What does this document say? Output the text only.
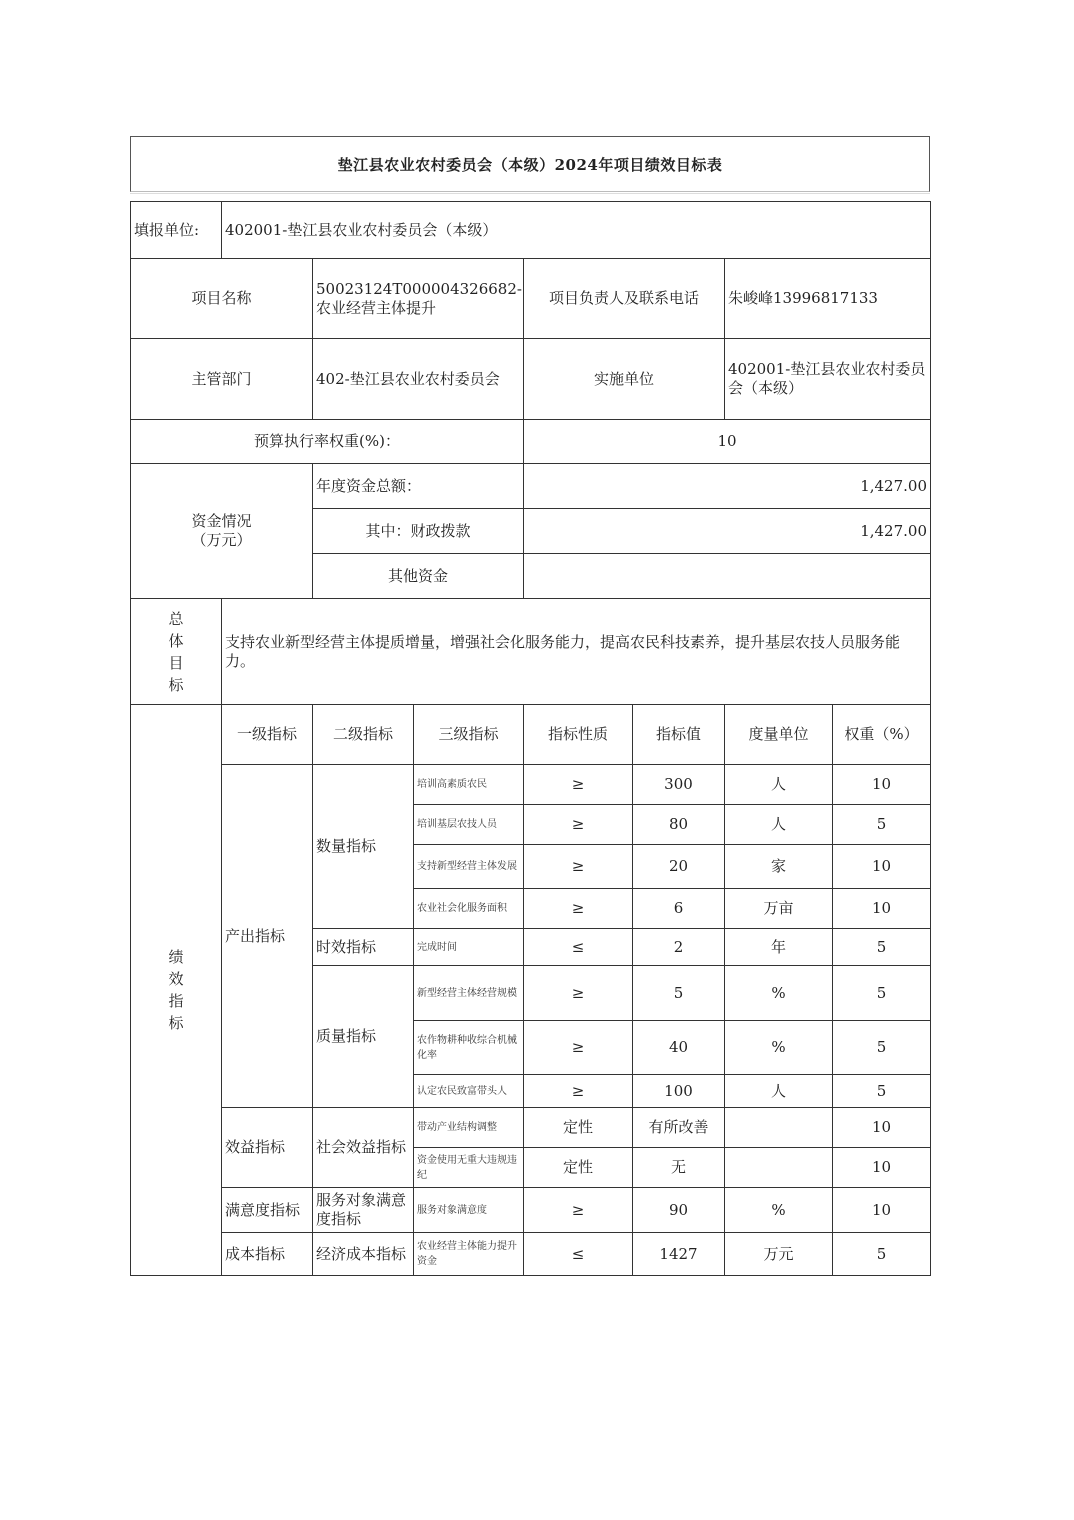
垫江县农业农村委员会（本级）2024年项目绩效目标表
填报单位:	402001-垫江县农业农村委员会（本级）						
项目名称		50023124T000004326682-农业经营主体提升		项目负责人及联系电话		朱峻峰13996817133	
主管部门		402-垫江县农业农村委员会		实施单位		402001-垫江县农业农村委员会（本级）	
预算执行率权重(%)：				10			
资金情况
（万元）		年度资金总额：		1,427.00			
		其中：财政拨款		1,427.00			
		其他资金					

总
体
目
标	支持农业新型经营主体提质增量，增强社会化服务能力，提高农民科技素养，提升基层农技人员服务能力。						

绩
效
指
标	一级指标	二级指标	三级指标	指标性质	指标值	度量单位	权重（%）
	产出指标	数量指标	培训高素质农民	≥	300	人	10
			培训基层农技人员	≥	80	人	5
			支持新型经营主体发展	≥	20	家	10
			农业社会化服务面积	≥	6	万亩	10
		时效指标	完成时间	≤	2	年	5
		质量指标	新型经营主体经营规模	≥	5	%	5
			农作物耕种收综合机械化率	≥	40	%	5
			认定农民致富带头人	≥	100	人	5
	效益指标	社会效益指标	带动产业结构调整	定性	有所改善		10
			资金使用无重大违规违纪	定性	无		10
	满意度指标	服务对象满意度指标	服务对象满意度	≥	90	%	10
	成本指标	经济成本指标	农业经营主体能力提升资金	≤	1427	万元	5
